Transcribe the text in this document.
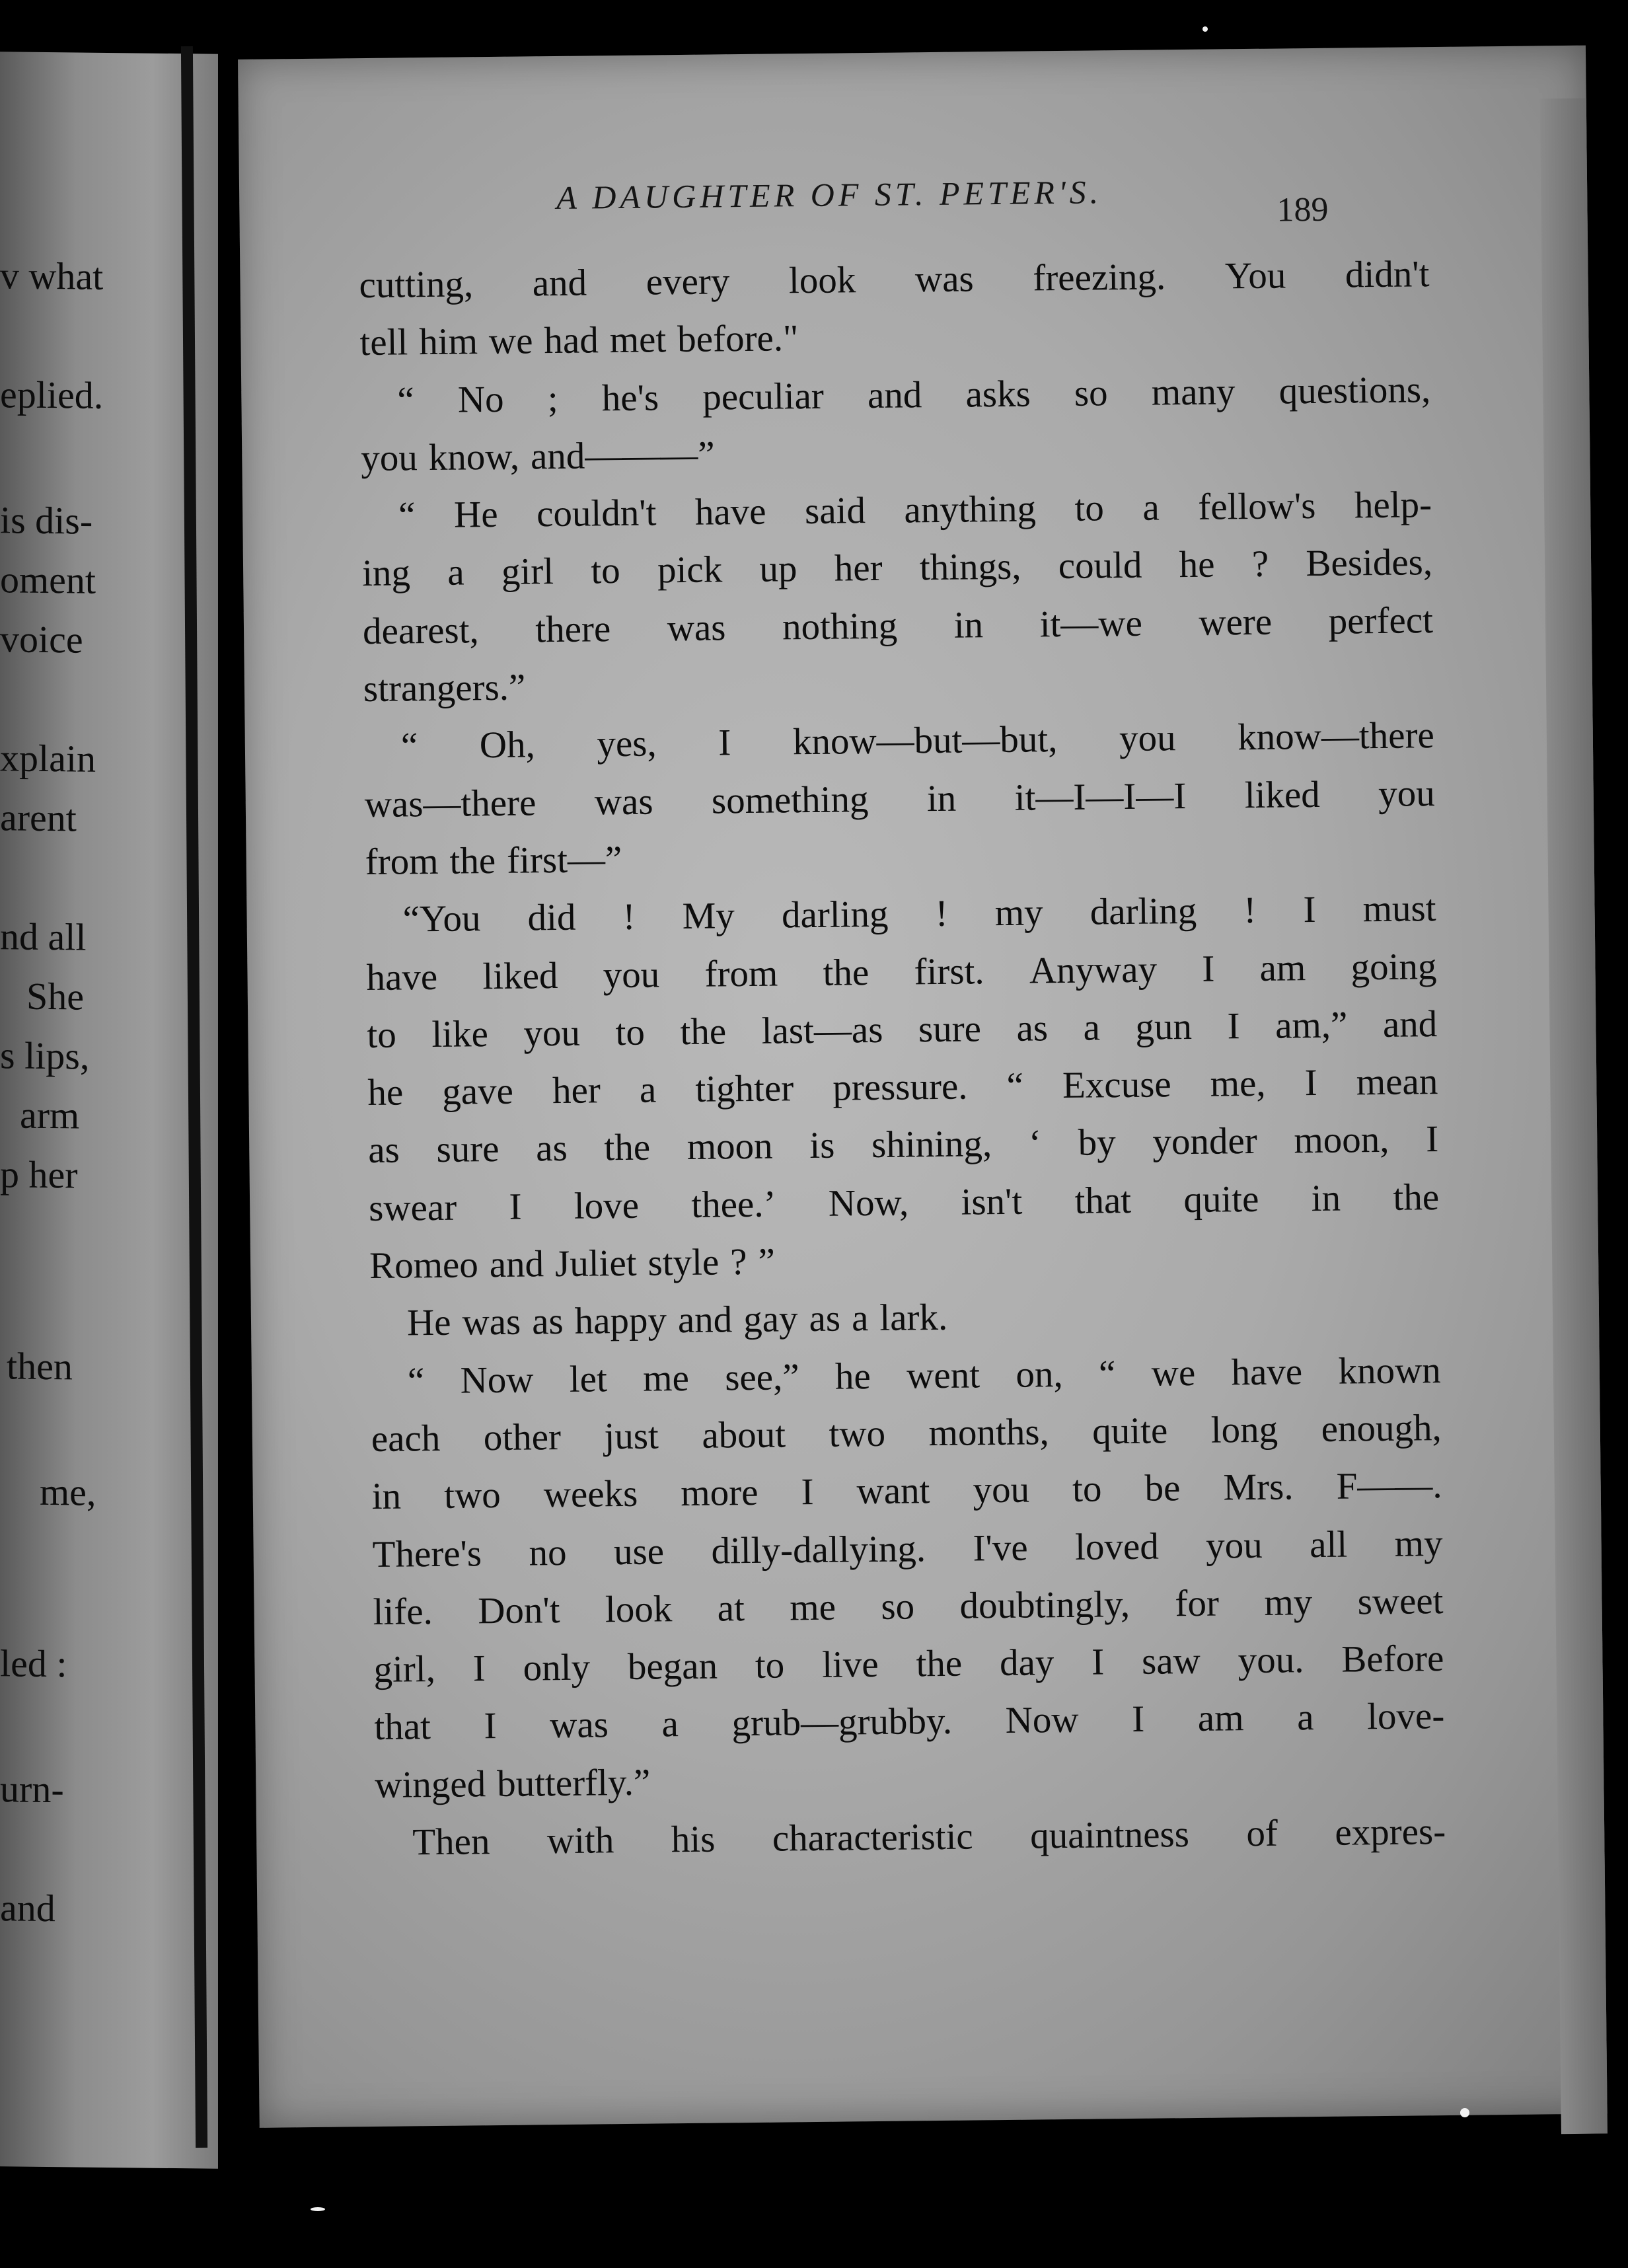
v what
eplied.
is dis-
oment
voice
xplain
arent
nd all
She
s lips,
arm
p her
then
me,
led :
urn-
and
A DAUGHTER OF ST. PETER'S.	189
cutting, and every look was freezing. You didn't
tell him we had met before."
“ No ; he's peculiar and asks so many questions,
you know, and———”
“ He couldn't have said anything to a fellow's help-
ing a girl to pick up her things, could he ? Besides,
dearest, there was nothing in it—we were perfect
strangers.”
“ Oh, yes, I know—but—but, you know—there
was—there was something in it—I—I—I liked you
from the first—”
“You did ! My darling ! my darling ! I must
have liked you from the first. Anyway I am going
to like you to the last—as sure as a gun I am,” and
he gave her a tighter pressure. “ Excuse me, I mean
as sure as the moon is shining, ‘ by yonder moon, I
swear I love thee.’ Now, isn't that quite in the
Romeo and Juliet style ? ”
He was as happy and gay as a lark.
“ Now let me see,” he went on, “ we have known
each other just about two months, quite long enough,
in two weeks more I want you to be Mrs. F——.
There's no use dilly-dallying. I've loved you all my
life. Don't look at me so doubtingly, for my sweet
girl, I only began to live the day I saw you. Before
that I was a grub—grubby. Now I am a love-
winged butterfly.”
Then with his characteristic quaintness of expres-
